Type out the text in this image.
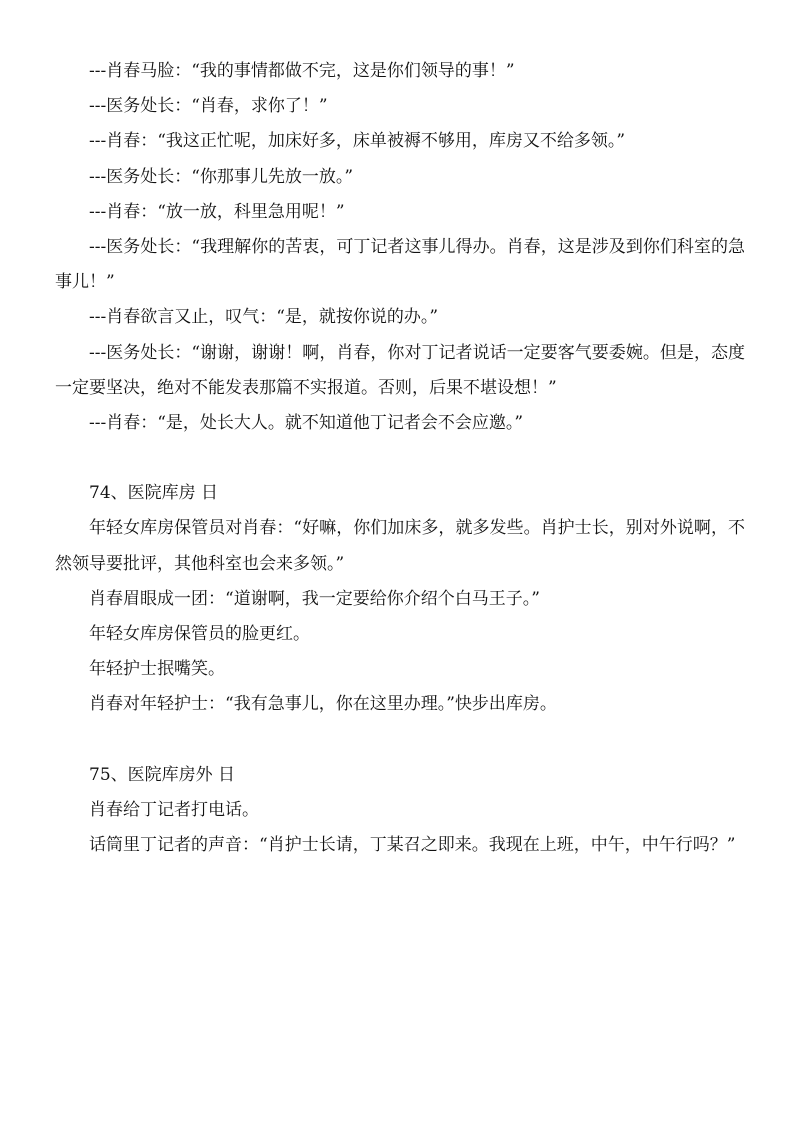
---肖春马脸：“我的事情都做不完，这是你们领导的事！”

---医务处长：“肖春，求你了！”

---肖春：“我这正忙呢，加床好多，床单被褥不够用，库房又不给多领。”

---医务处长：“你那事儿先放一放。”

---肖春：“放一放，科里急用呢！”

---医务处长：“我理解你的苦衷，可丁记者这事儿得办。肖春，这是涉及到你们科室的急事儿！”

---肖春欲言又止，叹气：“是，就按你说的办。”

---医务处长：“谢谢，谢谢！啊，肖春，你对丁记者说话一定要客气要委婉。但是，态度一定要坚决，绝对不能发表那篇不实报道。否则，后果不堪设想！”

---肖春：“是，处长大人。就不知道他丁记者会不会应邀。”

74、医院库房 日

年轻女库房保管员对肖春：“好嘛，你们加床多，就多发些。肖护士长，别对外说啊，不然领导要批评，其他科室也会来多领。”

肖春眉眼成一团：“道谢啊，我一定要给你介绍个白马王子。”

年轻女库房保管员的脸更红。

年轻护士抿嘴笑。

肖春对年轻护士：“我有急事儿，你在这里办理。”快步出库房。

75、医院库房外 日

肖春给丁记者打电话。

话筒里丁记者的声音：“肖护士长请，丁某召之即来。我现在上班，中午，中午行吗？”
